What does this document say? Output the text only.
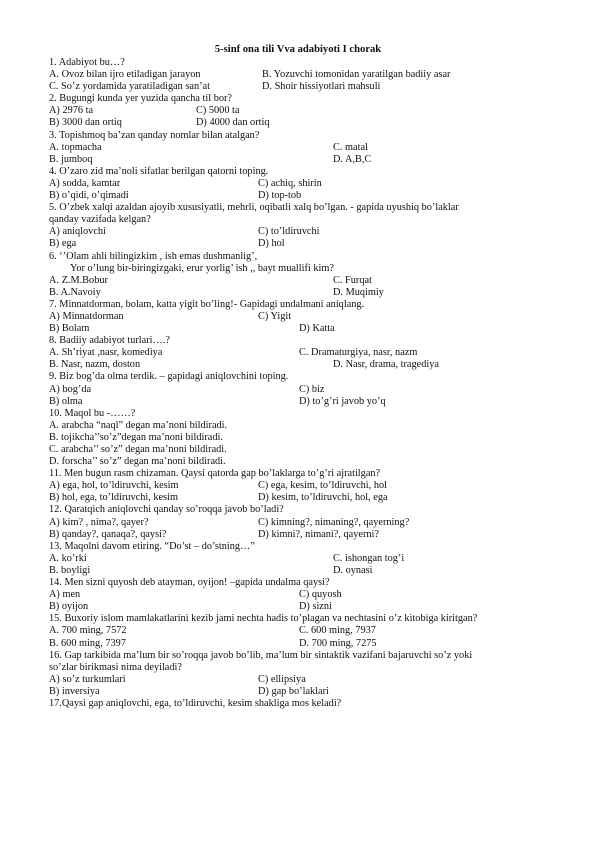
5-sinf ona tili Vva adabiyoti I chorak
1. Adabiyot bu…?
A. Ovoz bilan ijro etiladigan jarayon	B. Yozuvchi tomonidan yaratilgan badiiy asar
C. So’z yordamida yaratiladigan san’at	D. Shoir hissiyotlari mahsuli
2. Bugungi kunda yer yuzida qancha til bor?
A) 2976 ta	C) 5000 ta
B) 3000 dan ortiq	D) 4000 dan ortiq
3. Topishmoq ba’zan qanday nomlar bilan atalgan?
A. topmacha	C. matal
B. jumboq	D. A,B,C
4. O’zaro zid ma’noli sifatlar berilgan qatorni toping.
A) sodda, kamtar	C) achiq, shirin
B) o’qidi, o’qimadi	D) top-tob
5. O’zbek xalqi azaldan ajoyib xususiyatli, mehrli, oqibatli xalq bo’lgan. - gapida uyushiq bo’laklar
qanday vazifada kelgan?
A) aniqlovchi	C) to’ldiruvchi
B) ega	D) hol
6. ‘’Olam ahli bilingizkim , ish emas dushmanlig’,
Yor o’lung bir-biringizgaki, erur yorlig’ ish ,, bayt muallifi kim?
A. Z.M.Bobur	C. Furqat
B. A.Navoiy	D. Muqimiy
7. Minnatdorman, bolam, katta yigit bo’ling!- Gapidagi undalmani aniqlang.
A) Minnatdorman	C) Yigit
B) Bolam	D) Katta
8. Badiiy adabiyot turlari….?
A. Sh’riyat ,nasr, komediya	C. Dramaturgiya, nasr, nazm
B. Nasr, nazm, doston	D. Nasr, drama, tragediya
9. Biz bog’da olma terdik. – gapidagi aniqlovchini toping.
A) bog’da	C) biz
B) olma	D) to’g’ri javob yo’q
10. Maqol bu -……?
A. arabcha “naql” degan ma’noni bildiradi.
B. tojikcha’’so’z”degan ma’noni bildiradi.
C. arabcha’’ so’z” degan ma’noni bildiradi.
D. forscha’’ so’z” degan ma’noni bildiradi.
11. Men bugun rasm chizaman. Qaysi qatorda gap bo’laklarga to’g’ri ajratilgan?
A) ega, hol, to’ldiruvchi, kesim	C) ega, kesim, to’ldiruvchi, hol
B) hol, ega, to’ldiruvchi, kesim	D) kesim, to’ldiruvchi, hol, ega
12. Qaratqich aniqlovchi qanday so’roqqa javob bo’ladi?
A) kim? , nima?, qayer?	C) kimning?, nimaning?, qayerning?
B) qanday?, qanaqa?, qaysi?	D) kimni?, nimani?, qayerni?
13. Maqolni davom etiring. “Do’st – do’stning…”
A. ko’rki	C. ishongan tog’i
B. boyligi	D. oynasi
14. Men sizni quyosh deb atayman, oyijon! –gapida undalma qaysi?
A) men	C) quyosh
B) oyijon	D) sizni
15. Buxoriy islom mamlakatlarini kezib jami nechta hadis to’plagan va nechtasini o’z kitobiga kiritgan?
A. 700 ming, 7572	C. 600 ming, 7937
B. 600 ming, 7397	D. 700 ming, 7275
16. Gap tarkibida ma’lum bir so’roqqa javob bo’lib, ma’lum bir sintaktik vazifani bajaruvchi so’z yoki
so’zlar birikmasi nima deyiladi?
A) so’z turkumlari	C) ellipsiya
B) inversiya	D) gap bo’laklari
17.Qaysi gap aniqlovchi, ega, to’ldiruvchi, kesim shakliga mos keladi?
